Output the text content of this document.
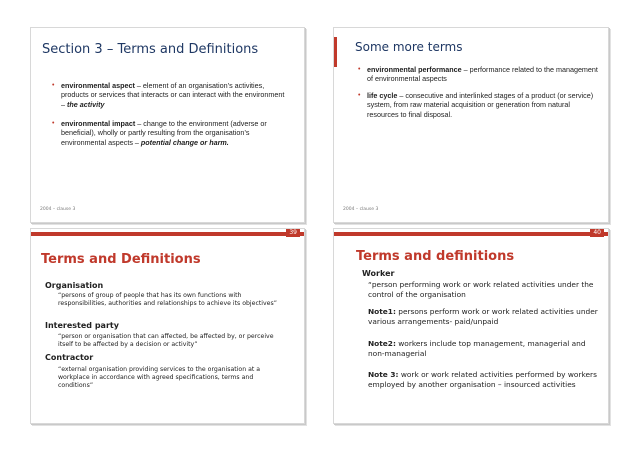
Section 3 – Terms and Definitions
• environmental aspect – element of an organisation’s activities, products or services that interacts or can interact with the environment – the activity
• environmental impact – change to the environment (adverse or beneficial), wholly or partly resulting from the organisation’s environmental aspects – potential change or harm.
2004 – clause 3
Some more terms
• environmental performance – performance related to the management of environmental aspects
• life cycle – consecutive and interlinked stages of a product (or service) system, from raw material acquisition or generation from natural resources to final disposal.
2004 – clause 3
39
Terms and Definitions
Organisation
“persons of group of people that has its own functions with responsibilities, authorities and relationships to achieve its objectives”
Interested party
“person or organisation that can affected, be affected by, or perceive itself to be affected by a decision or activity”
Contractor
“external organisation providing services to the organisation at a workplace in accordance with agreed specifications, terms and conditions”
40
Terms and definitions
Worker
“person performing work or work related activities under the control of the organisation
Note1: persons perform work or work related activities under various arrangements- paid/unpaid
Note2: workers include top management, managerial and non-managerial
Note 3: work or work related activities performed by workers employed by another organisation – insourced activities
